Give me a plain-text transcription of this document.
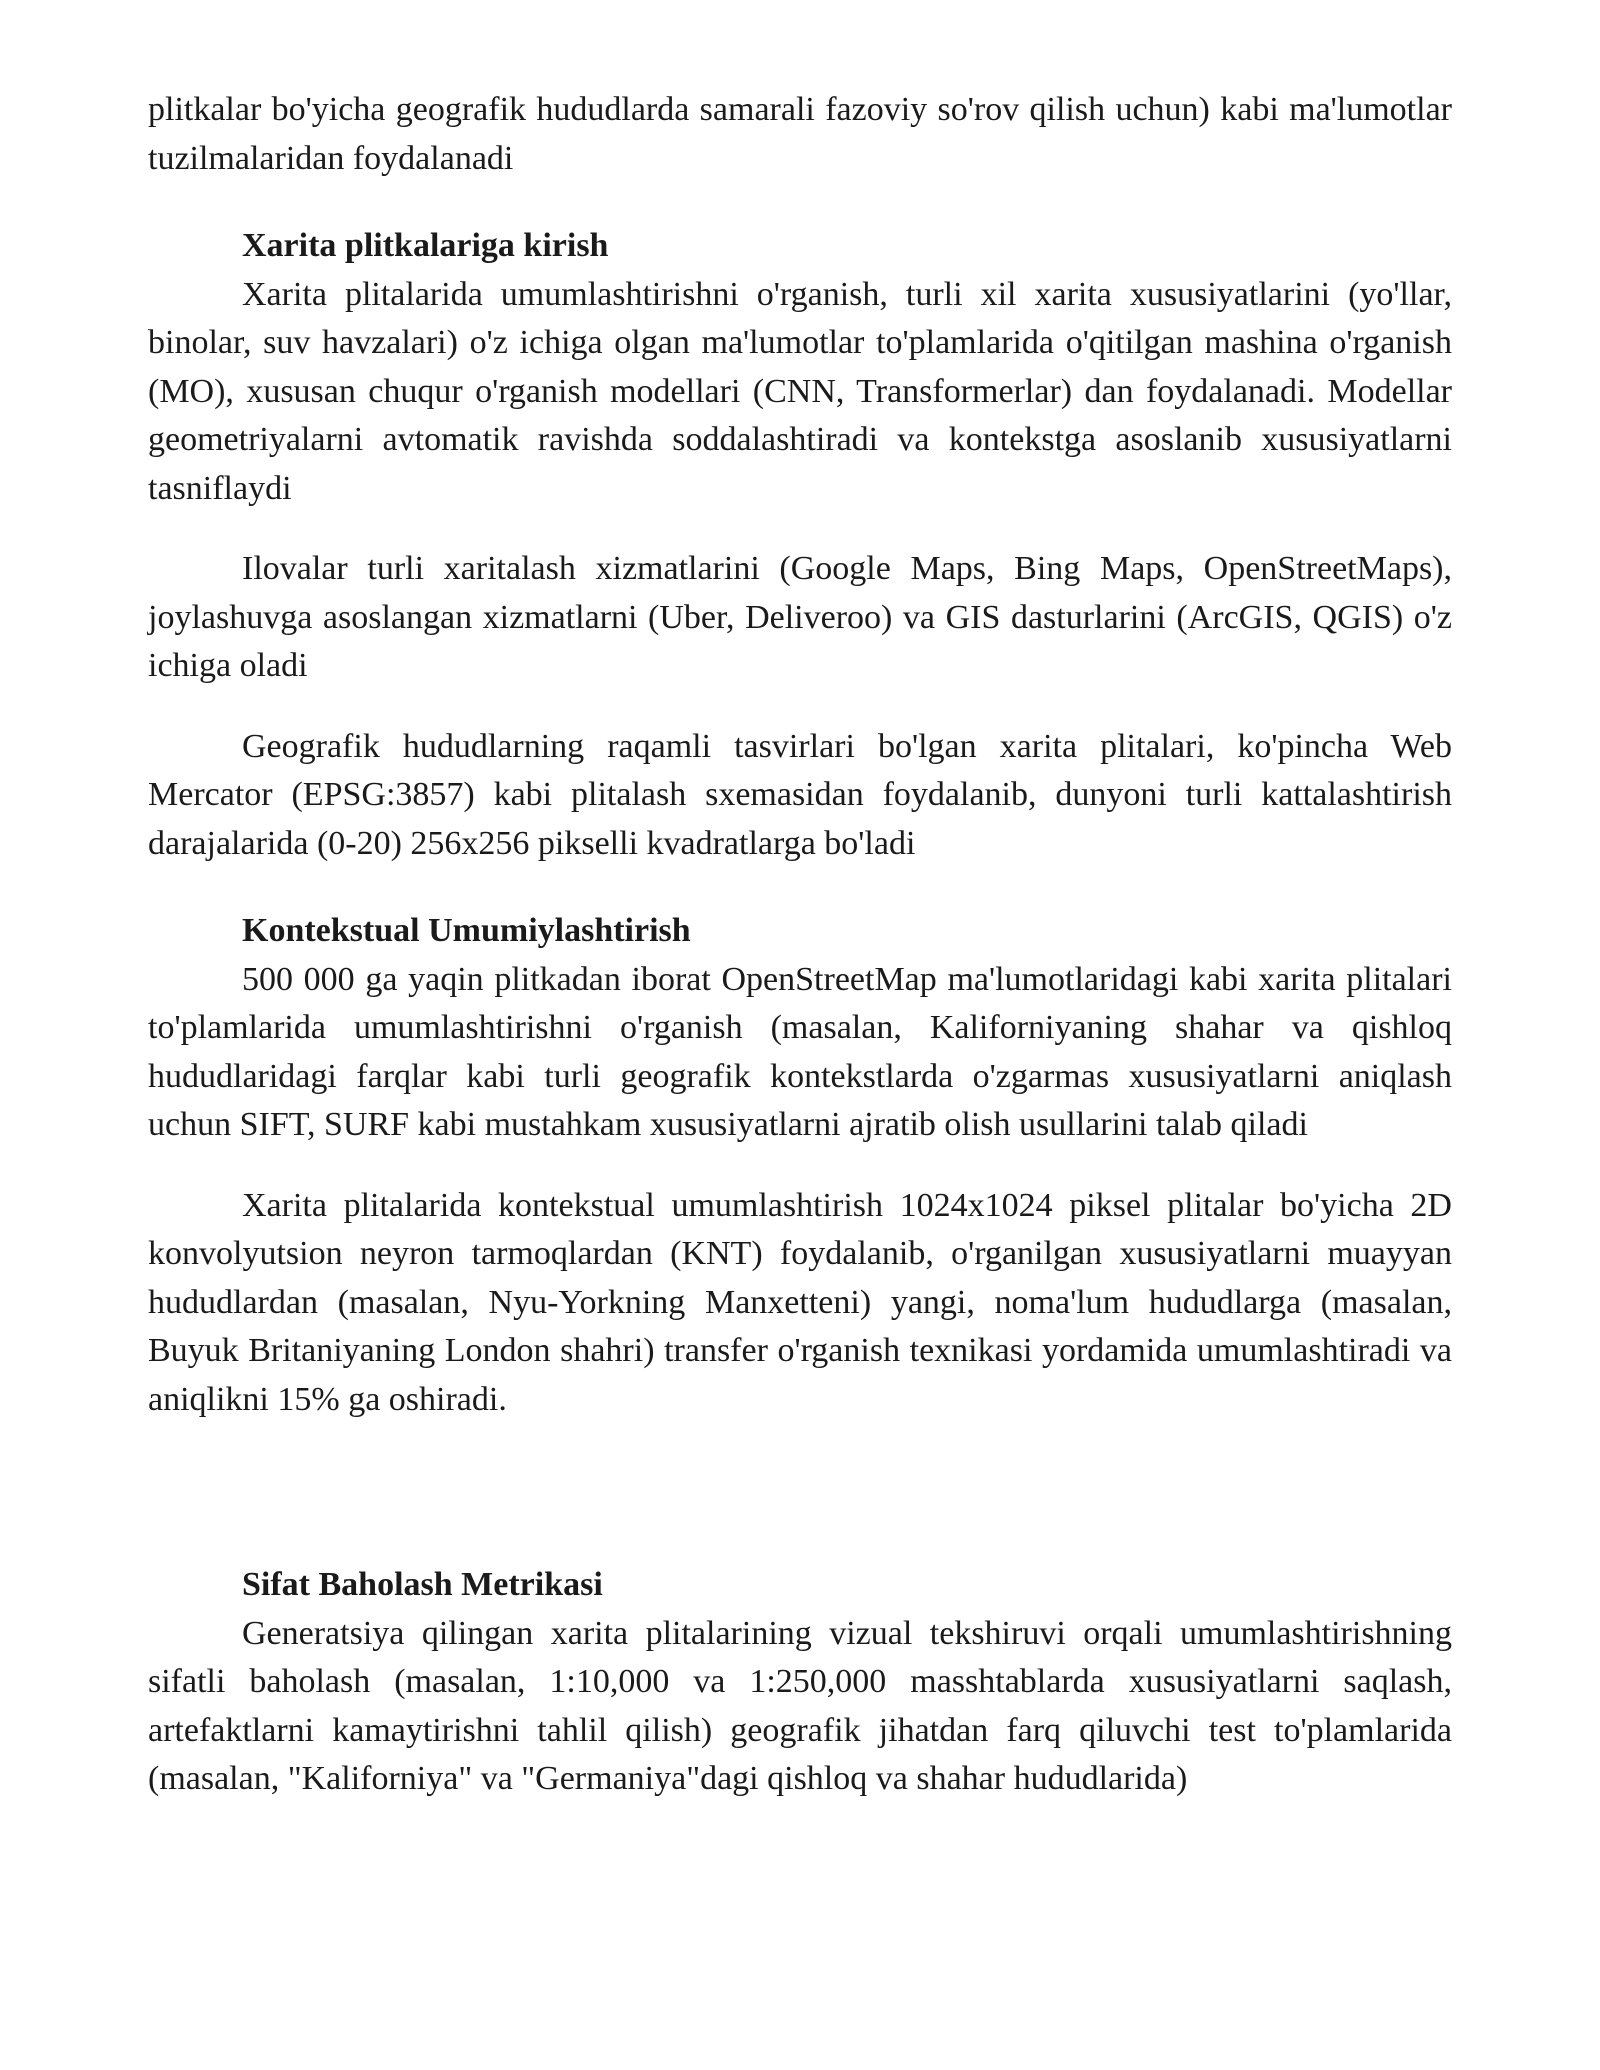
plitkalar bo'yicha geografik hududlarda samarali fazoviy so'rov qilish uchun) kabi ma'lumotlar tuzilmalaridan foydalanadi

Xarita plitkalariga kirish

Xarita plitalarida umumlashtirishni o'rganish, turli xil xarita xususiyatlarini (yo'llar, binolar, suv havzalari) o'z ichiga olgan ma'lumotlar to'plamlarida o'qitilgan mashina o'rganish (MO), xususan chuqur o'rganish modellari (CNN, Transformerlar) dan foydalanadi. Modellar geometriyalarni avtomatik ravishda soddalashtiradi va kontekstga asoslanib xususiyatlarni tasniflaydi

Ilovalar turli xaritalash xizmatlarini (Google Maps, Bing Maps, OpenStreetMaps), joylashuvga asoslangan xizmatlarni (Uber, Deliveroo) va GIS dasturlarini (ArcGIS, QGIS) o'z ichiga oladi

Geografik hududlarning raqamli tasvirlari bo'lgan xarita plitalari, ko'pincha Web Mercator (EPSG:3857) kabi plitalash sxemasidan foydalanib, dunyoni turli kattalashtirish darajalarida (0-20) 256x256 pikselli kvadratlarga bo'ladi

Kontekstual Umumiylashtirish

500 000 ga yaqin plitkadan iborat OpenStreetMap ma'lumotlaridagi kabi xarita plitalari to'plamlarida umumlashtirishni o'rganish (masalan, Kaliforniyaning shahar va qishloq hududlaridagi farqlar kabi turli geografik kontekstlarda o'zgarmas xususiyatlarni aniqlash uchun SIFT, SURF kabi mustahkam xususiyatlarni ajratib olish usullarini talab qiladi

Xarita plitalarida kontekstual umumlashtirish 1024x1024 piksel plitalar bo'yicha 2D konvolyutsion neyron tarmoqlardan (KNT) foydalanib, o'rganilgan xususiyatlarni muayyan hududlardan (masalan, Nyu-Yorkning Manxetteni) yangi, noma'lum hududlarga (masalan, Buyuk Britaniyaning London shahri) transfer o'rganish texnikasi yordamida umumlashtiradi va aniqlikni 15% ga oshiradi.

Sifat Baholash Metrikasi

Generatsiya qilingan xarita plitalarining vizual tekshiruvi orqali umumlashtirishning sifatli baholash (masalan, 1:10,000 va 1:250,000 masshtablarda xususiyatlarni saqlash, artefaktlarni kamaytirishni tahlil qilish) geografik jihatdan farq qiluvchi test to'plamlarida (masalan, "Kaliforniya" va "Germaniya"dagi qishloq va shahar hududlarida)
